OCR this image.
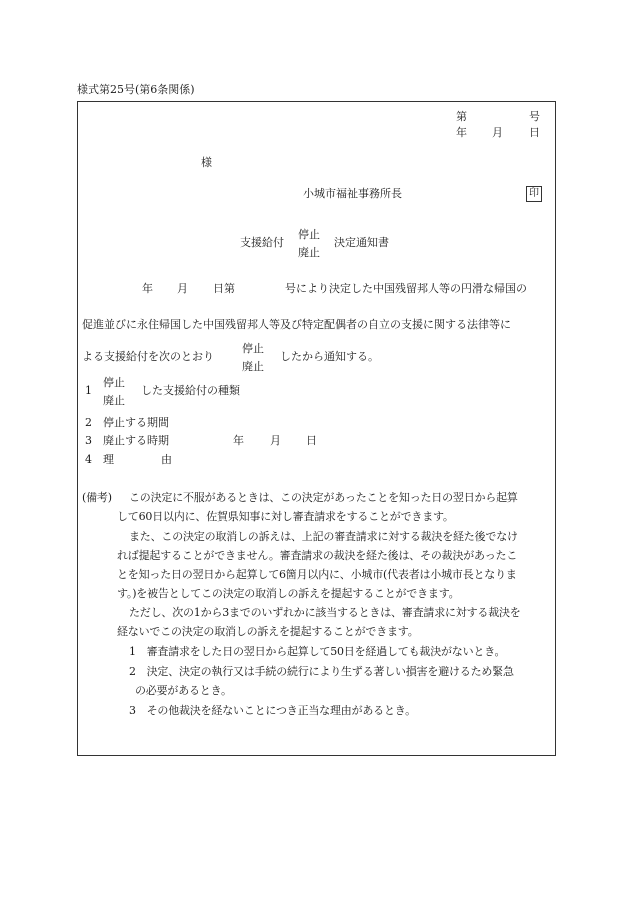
様式第25号(第6条関係)
第	号
年 月 日
様
小城市福祉事務所長	印
支援給付
停止
廃止
決定通知書
年 月 日第	号により決定した中国残留邦人等の円滑な帰国の
促進並びに永住帰国した中国残留邦人等及び特定配偶者の自立の支援に関する法律等に
よる支援給付を次のとおり
停止
廃止
したから通知する。
1
停止
廃止
した支援給付の種類
2 停止する期間
3 廃止する時期	年 月 日
4 理	由
(備考) この決定に不服があるときは、この決定があったことを知った日の翌日から起算
して60日以内に、佐賀県知事に対し審査請求をすることができます。
また、この決定の取消しの訴えは、上記の審査請求に対する裁決を経た後でなけ
れば提起することができません。審査請求の裁決を経た後は、その裁決があったこ
とを知った日の翌日から起算して6箇月以内に、小城市(代表者は小城市長となりま
す。)を被告としてこの決定の取消しの訴えを提起することができます。
ただし、次の1から3までのいずれかに該当するときは、審査請求に対する裁決を
経ないでこの決定の取消しの訴えを提起することができます。
1　審査請求をした日の翌日から起算して50日を経過しても裁決がないとき。
2　決定、決定の執行又は手続の続行により生ずる著しい損害を避けるため緊急
の必要があるとき。
3　その他裁決を経ないことにつき正当な理由があるとき。
